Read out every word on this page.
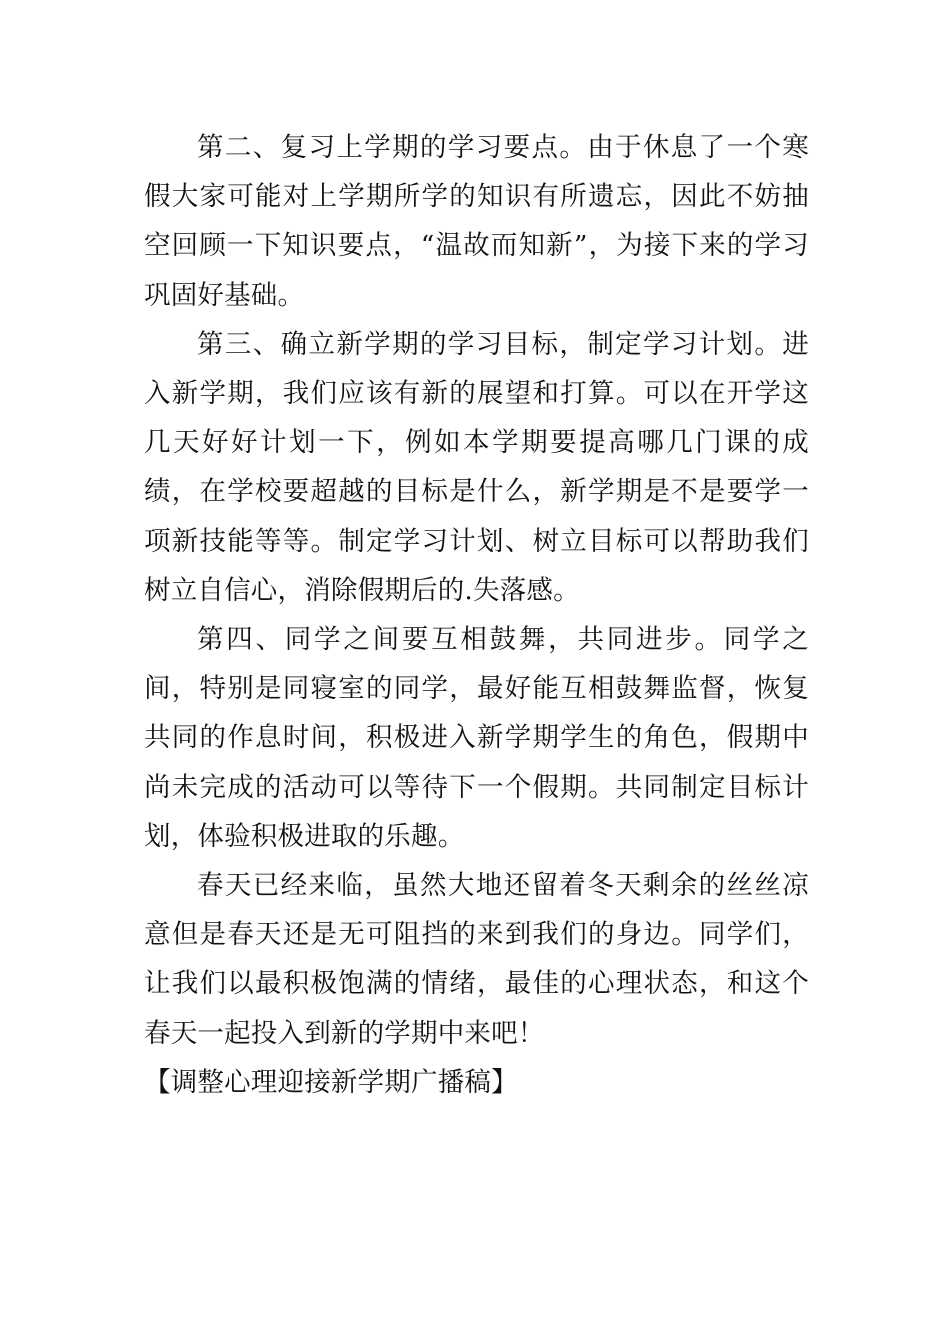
第二、复习上学期的学习要点。由于休息了一个寒假大家可能对上学期所学的知识有所遗忘，因此不妨抽空回顾一下知识要点，“温故而知新”，为接下来的学习巩固好基础。

第三、确立新学期的学习目标，制定学习计划。进入新学期，我们应该有新的展望和打算。可以在开学这几天好好计划一下，例如本学期要提高哪几门课的成绩，在学校要超越的目标是什么，新学期是不是要学一项新技能等等。制定学习计划、树立目标可以帮助我们树立自信心，消除假期后的.失落感。

第四、同学之间要互相鼓舞，共同进步。同学之间，特别是同寝室的同学，最好能互相鼓舞监督，恢复共同的作息时间，积极进入新学期学生的角色，假期中尚未完成的活动可以等待下一个假期。共同制定目标计划，体验积极进取的乐趣。

春天已经来临，虽然大地还留着冬天剩余的丝丝凉意但是春天还是无可阻挡的来到我们的身边。同学们，让我们以最积极饱满的情绪，最佳的心理状态，和这个春天一起投入到新的学期中来吧！

【调整心理迎接新学期广播稿】
